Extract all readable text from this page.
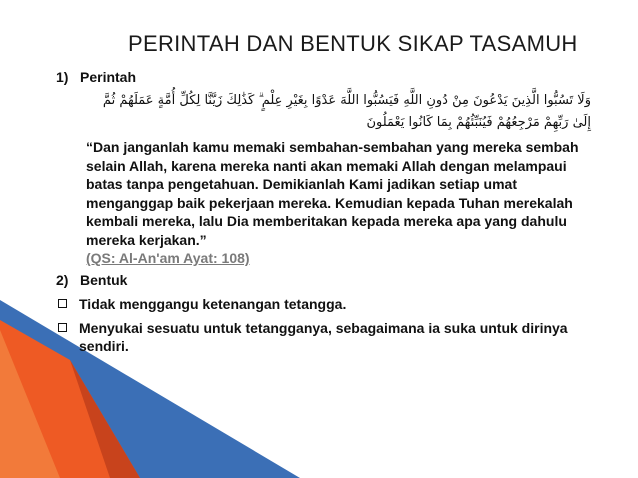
PERINTAH DAN BENTUK SIKAP TASAMUH
1) Perintah
وَلَا تَسُبُّوا الَّذِينَ يَدْعُونَ مِنْ دُونِ اللَّهِ فَيَسُبُّوا اللَّهَ عَدْوًا بِغَيْرِ عِلْمٍ ۗ كَذَٰلِكَ زَيَّنَّا لِكُلِّ أُمَّةٍ عَمَلَهُمْ ثُمَّ
إِلَىٰ رَبِّهِمْ مَرْجِعُهُمْ فَيُنَبِّئُهُمْ بِمَا كَانُوا يَعْمَلُونَ
“Dan janganlah kamu memaki sembahan-sembahan yang mereka sembah selain Allah, karena mereka nanti akan memaki Allah dengan melampaui batas tanpa pengetahuan. Demikianlah Kami jadikan setiap umat menganggap baik pekerjaan mereka. Kemudian kepada Tuhan merekalah kembali mereka, lalu Dia memberitakan kepada mereka apa yang dahulu mereka kerjakan.”
(QS: Al-An'am Ayat: 108)
2) Bentuk
Tidak menggangu ketenangan tetangga.
Menyukai sesuatu untuk tetangganya, sebagaimana ia suka untuk dirinya sendiri.
